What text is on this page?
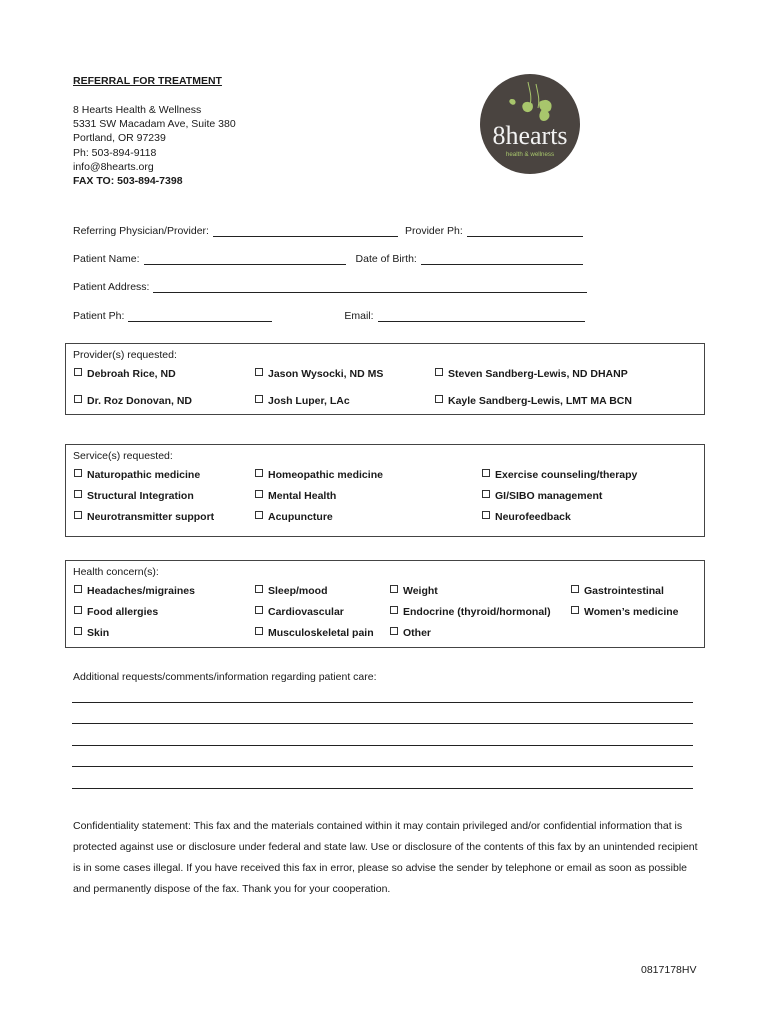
REFERRAL FOR TREATMENT
8 Hearts Health & Wellness
5331 SW Macadam Ave, Suite 380
Portland, OR 97239
Ph: 503-894-9118
info@8hearts.org
FAX TO: 503-894-7398
8hearts
health & wellness
Referring Physician/Provider:	Provider Ph:
Patient Name:	Date of Birth:
Patient Address:
Patient Ph:	Email:
Provider(s) requested:
Debroah Rice, ND	Jason Wysocki, ND MS	Steven Sandberg-Lewis, ND DHANP
Dr. Roz Donovan, ND	Josh Luper, LAc	Kayle Sandberg-Lewis, LMT MA BCN
Service(s) requested:
Naturopathic medicine	Homeopathic medicine	Exercise counseling/therapy
Structural Integration	Mental Health	GI/SIBO management
Neurotransmitter support	Acupuncture	Neurofeedback
Health concern(s):
Headaches/migraines	Sleep/mood	Weight	Gastrointestinal
Food allergies	Cardiovascular	Endocrine (thyroid/hormonal)	Women’s medicine
Skin	Musculoskeletal pain	Other
Additional requests/comments/information regarding patient care:
Confidentiality statement: This fax and the materials contained within it may contain privileged and/or confidential information that is protected against use or disclosure under federal and state law. Use or disclosure of the contents of this fax by an unintended recipient is in some cases illegal. If you have received this fax in error, please so advise the sender by telephone or email as soon as possible and permanently dispose of the fax. Thank you for your cooperation.
0817178HV
